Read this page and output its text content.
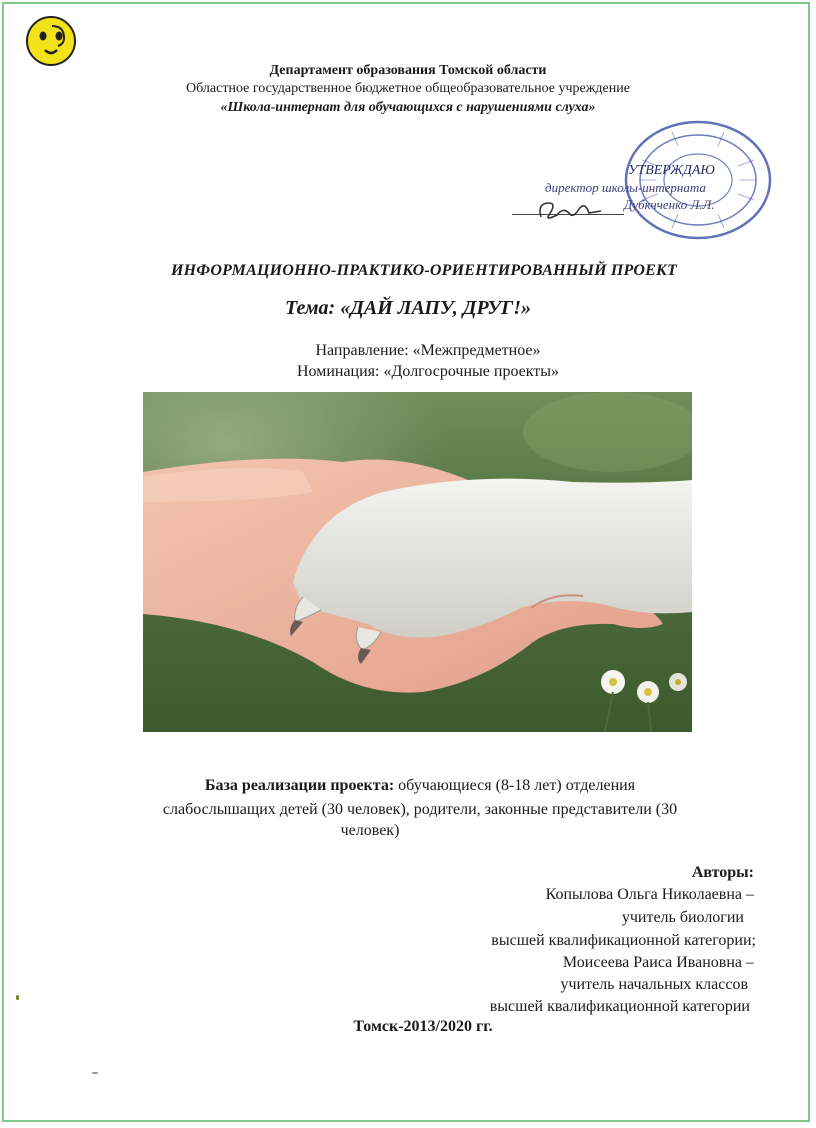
Департамент образования Томской области
Областное государственное бюджетное общеобразовательное учреждение
«Школа-интернат для обучающихся с нарушениями слуха»
УТВЕРЖДАЮ
директор школы-интерната
Дубкчченко Л.Л.
ИНФОРМАЦИОННО-ПРАКТИКО-ОРИЕНТИРОВАННЫЙ ПРОЕКТ
Тема: «ДАЙ ЛАПУ, ДРУГ!»
Направление: «Межпредметное»
Номинация: «Долгосрочные проекты»
База реализации проекта: обучающиеся (8-18 лет) отделения
слабослышащих детей (30 человек), родители, законные представители (30
человек)
Авторы:
Копылова Ольга Николаевна –
учитель биологии
высшей квалификационной категории;
Моисеева Раиса Ивановна –
учитель начальных классов
высшей квалификационной категории
Томск-2013/2020 гг.
